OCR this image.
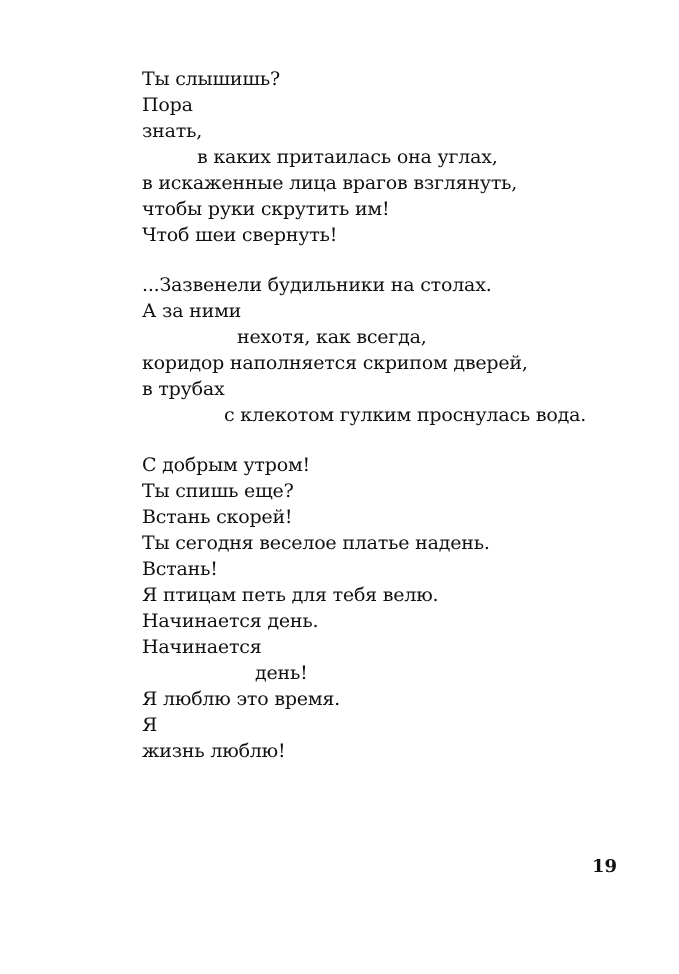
Ты слышишь?
Пора
знать,
в каких притаилась она углах,
в искаженные лица врагов взглянуть,
чтобы руки скрутить им!
Чтоб шеи свернуть!
...Зазвенели будильники на столах.
А за ними
нехотя, как всегда,
коридор наполняется скрипом дверей,
в трубах
с клекотом гулким проснулась вода.
С добрым утром!
Ты спишь еще?
Встань скорей!
Ты сегодня веселое платье надень.
Встань!
Я птицам петь для тебя велю.
Начинается день.
Начинается
день!
Я люблю это время.
Я
жизнь люблю!
19
